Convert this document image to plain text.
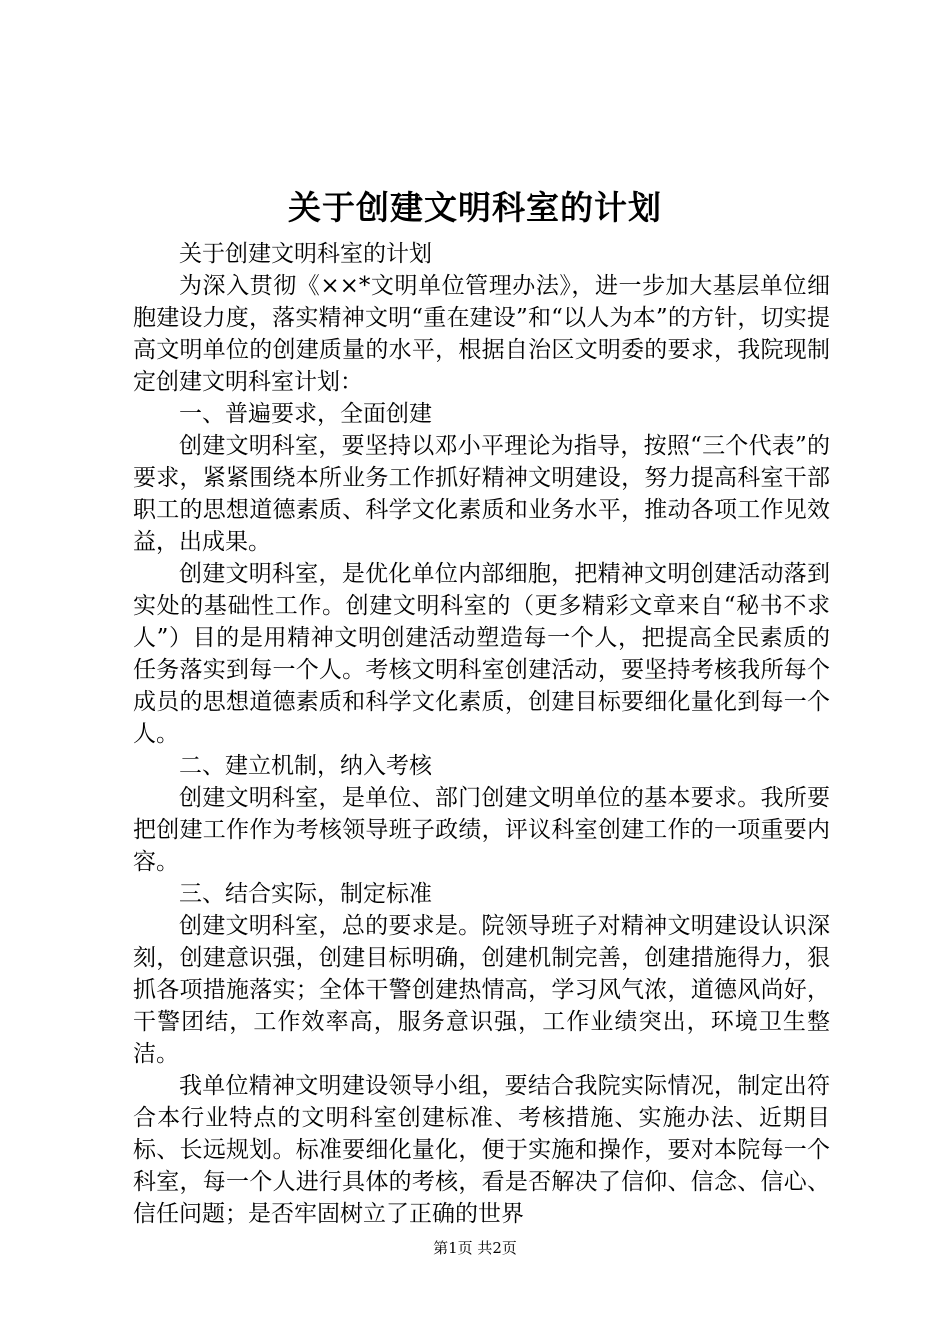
关于创建文明科室的计划

关于创建文明科室的计划

为深入贯彻《××*文明单位管理办法》，进一步加大基层单位细胞建设力度，落实精神文明“重在建设”和“以人为本”的方针，切实提高文明单位的创建质量的水平，根据自治区文明委的要求，我院现制定创建文明科室计划：

一、普遍要求，全面创建

创建文明科室，要坚持以邓小平理论为指导，按照“三个代表”的要求，紧紧围绕本所业务工作抓好精神文明建设，努力提高科室干部职工的思想道德素质、科学文化素质和业务水平，推动各项工作见效益，出成果。

创建文明科室，是优化单位内部细胞，把精神文明创建活动落到实处的基础性工作。创建文明科室的（更多精彩文章来自“秘书不求人”）目的是用精神文明创建活动塑造每一个人，把提高全民素质的任务落实到每一个人。考核文明科室创建活动，要坚持考核我所每个成员的思想道德素质和科学文化素质，创建目标要细化量化到每一个人。

二、建立机制，纳入考核

创建文明科室，是单位、部门创建文明单位的基本要求。我所要把创建工作作为考核领导班子政绩，评议科室创建工作的一项重要内容。

三、结合实际，制定标准

创建文明科室，总的要求是。院领导班子对精神文明建设认识深刻，创建意识强，创建目标明确，创建机制完善，创建措施得力，狠抓各项措施落实；全体干警创建热情高，学习风气浓，道德风尚好，干警团结，工作效率高，服务意识强，工作业绩突出，环境卫生整洁。

我单位精神文明建设领导小组，要结合我院实际情况，制定出符合本行业特点的文明科室创建标准、考核措施、实施办法、近期目标、长远规划。标准要细化量化，便于实施和操作，要对本院每一个科室，每一个人进行具体的考核，看是否解决了信仰、信念、信心、信任问题；是否牢固树立了正确的世界

第1页 共2页
